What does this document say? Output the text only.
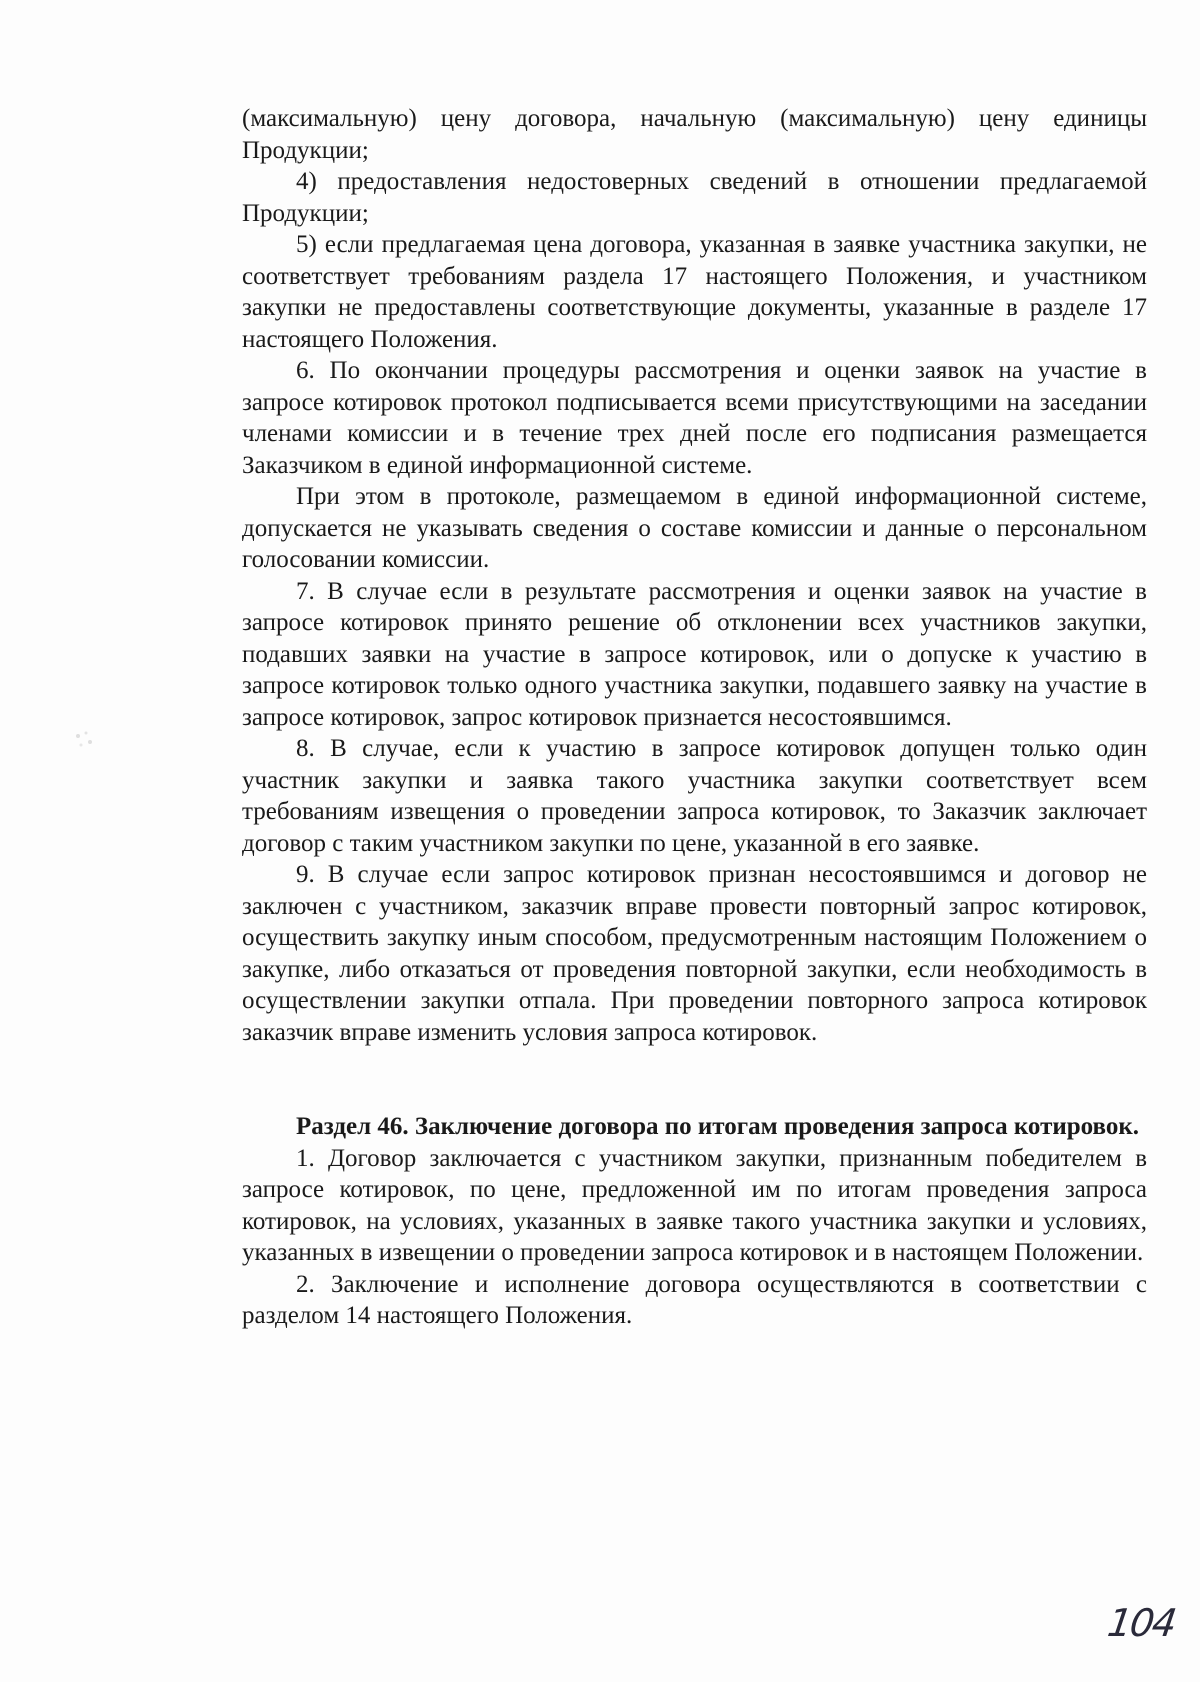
(максимальную) цену договора, начальную (максимальную) цену единицы Продукции;

4) предоставления недостоверных сведений в отношении предлагаемой Продукции;

5) если предлагаемая цена договора, указанная в заявке участника закупки, не соответствует требованиям раздела 17 настоящего Положения, и участником закупки не предоставлены соответствующие документы, указанные в разделе 17 настоящего Положения.

6. По окончании процедуры рассмотрения и оценки заявок на участие в запросе котировок протокол подписывается всеми присутствующими на заседании членами комиссии и в течение трех дней после его подписания размещается Заказчиком в единой информационной системе.

При этом в протоколе, размещаемом в единой информационной системе, допускается не указывать сведения о составе комиссии и данные о персональном голосовании комиссии.

7. В случае если в результате рассмотрения и оценки заявок на участие в запросе котировок принято решение об отклонении всех участников закупки, подавших заявки на участие в запросе котировок, или о допуске к участию в запросе котировок только одного участника закупки, подавшего заявку на участие в запросе котировок, запрос котировок признается несостоявшимся.

8. В случае, если к участию в запросе котировок допущен только один участник закупки и заявка такого участника закупки соответствует всем требованиям извещения о проведении запроса котировок, то Заказчик заключает договор с таким участником закупки по цене, указанной в его заявке.

9. В случае если запрос котировок признан несостоявшимся и договор не заключен с участником, заказчик вправе провести повторный запрос котировок, осуществить закупку иным способом, предусмотренным настоящим Положением о закупке, либо отказаться от проведения повторной закупки, если необходимость в осуществлении закупки отпала. При проведении повторного запроса котировок заказчик вправе изменить условия запроса котировок.

Раздел 46. Заключение договора по итогам проведения запроса котировок.

1. Договор заключается с участником закупки, признанным победителем в запросе котировок, по цене, предложенной им по итогам проведения запроса котировок, на условиях, указанных в заявке такого участника закупки и условиях, указанных в извещении о проведении запроса котировок и в настоящем Положении.

2. Заключение и исполнение договора осуществляются в соответствии с разделом 14 настоящего Положения.

104
